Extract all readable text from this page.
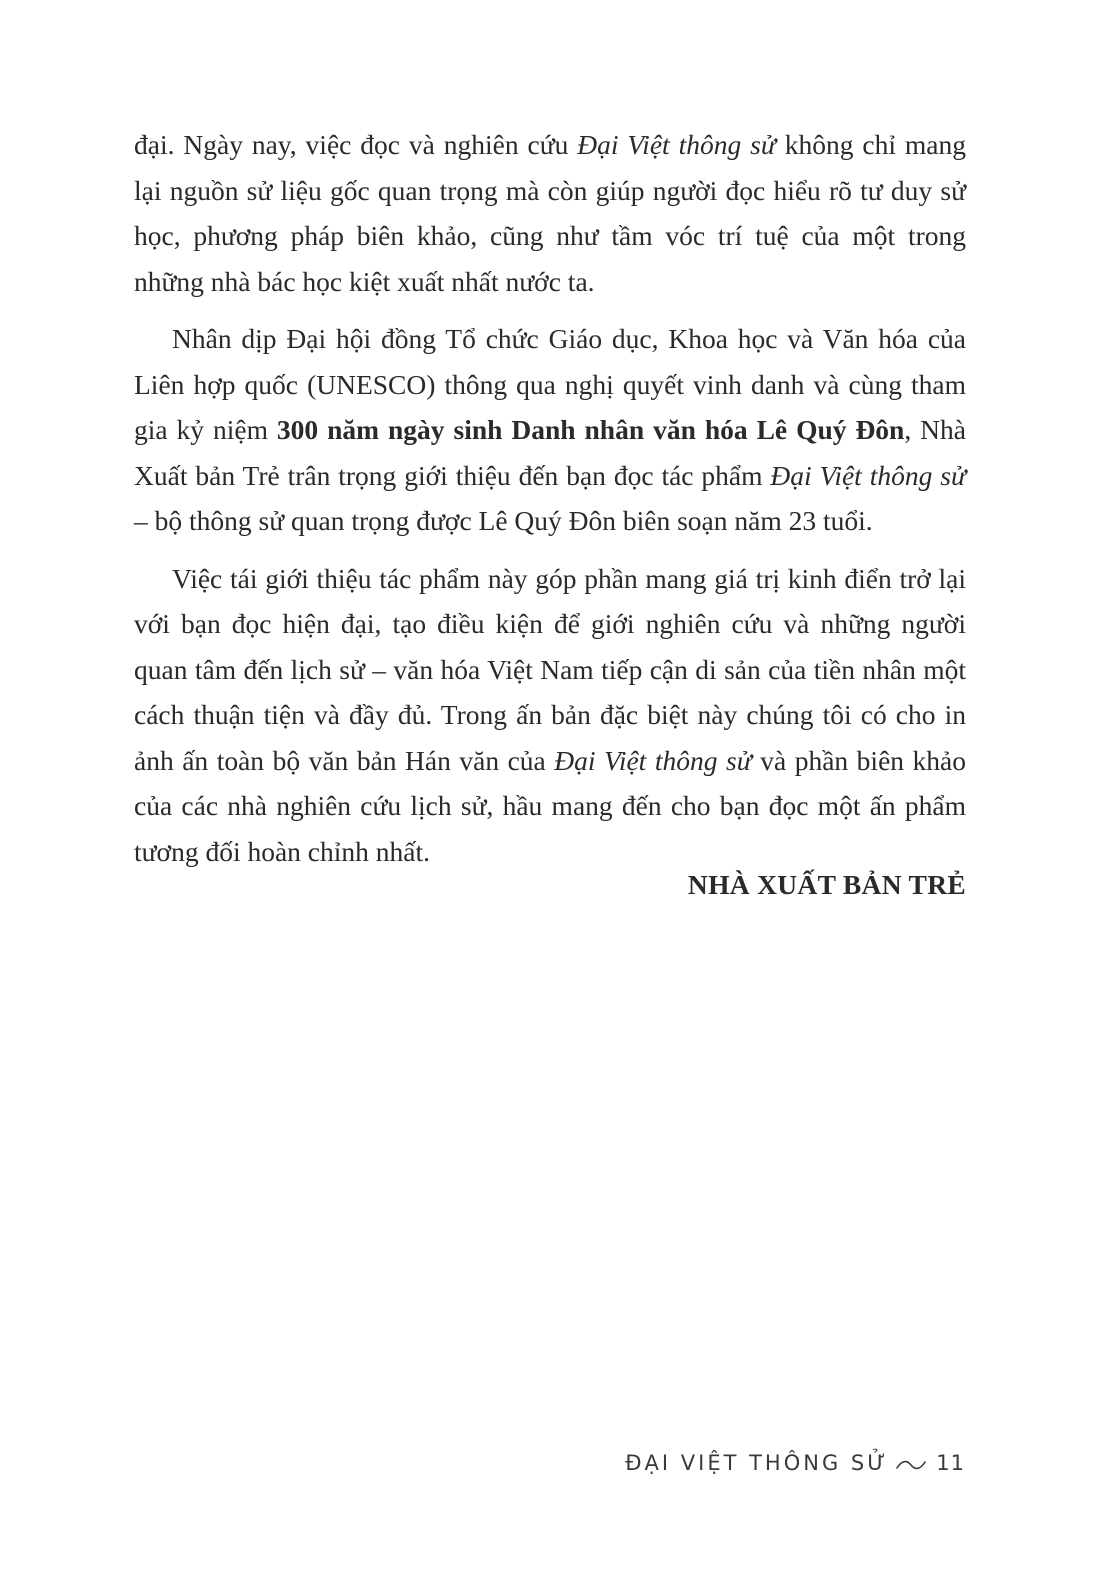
đại. Ngày nay, việc đọc và nghiên cứu Đại Việt thông sử không chỉ mang lại nguồn sử liệu gốc quan trọng mà còn giúp người đọc hiểu rõ tư duy sử học, phương pháp biên khảo, cũng như tầm vóc trí tuệ của một trong những nhà bác học kiệt xuất nhất nước ta.

Nhân dịp Đại hội đồng Tổ chức Giáo dục, Khoa học và Văn hóa của Liên hợp quốc (UNESCO) thông qua nghị quyết vinh danh và cùng tham gia kỷ niệm 300 năm ngày sinh Danh nhân văn hóa Lê Quý Đôn, Nhà Xuất bản Trẻ trân trọng giới thiệu đến bạn đọc tác phẩm Đại Việt thông sử – bộ thông sử quan trọng được Lê Quý Đôn biên soạn năm 23 tuổi.

Việc tái giới thiệu tác phẩm này góp phần mang giá trị kinh điển trở lại với bạn đọc hiện đại, tạo điều kiện để giới nghiên cứu và những người quan tâm đến lịch sử – văn hóa Việt Nam tiếp cận di sản của tiền nhân một cách thuận tiện và đầy đủ. Trong ấn bản đặc biệt này chúng tôi có cho in ảnh ấn toàn bộ văn bản Hán văn của Đại Việt thông sử và phần biên khảo của các nhà nghiên cứu lịch sử, hầu mang đến cho bạn đọc một ấn phẩm tương đối hoàn chỉnh nhất.

NHÀ XUẤT BẢN TRẺ
ĐẠI VIỆT THÔNG SỬ 11
